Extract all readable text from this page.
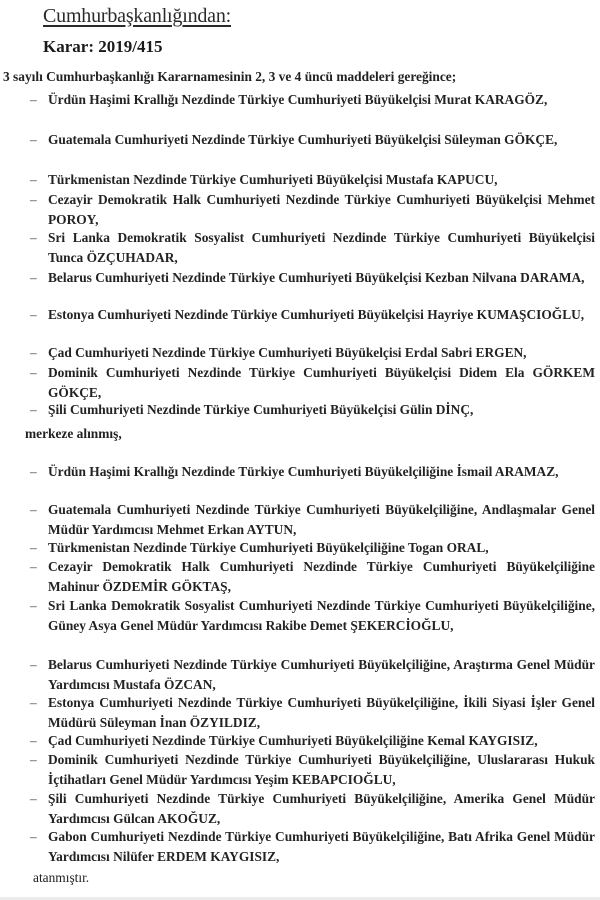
Cumhurbaşkanlığından:
Karar: 2019/415
3 sayılı Cumhurbaşkanlığı Kararnamesinin 2, 3 ve 4 üncü maddeleri gereğince;
– Ürdün Haşimi Krallığı Nezdinde Türkiye Cumhuriyeti Büyükelçisi Murat KARAGÖZ,
– Guatemala Cumhuriyeti Nezdinde Türkiye Cumhuriyeti Büyükelçisi Süleyman GÖKÇE,
– Türkmenistan Nezdinde Türkiye Cumhuriyeti Büyükelçisi Mustafa KAPUCU,
– Cezayir Demokratik Halk Cumhuriyeti Nezdinde Türkiye Cumhuriyeti Büyükelçisi Mehmet POROY,
– Sri Lanka Demokratik Sosyalist Cumhuriyeti Nezdinde Türkiye Cumhuriyeti Büyükelçisi Tunca ÖZÇUHADAR,
– Belarus Cumhuriyeti Nezdinde Türkiye Cumhuriyeti Büyükelçisi Kezban Nilvana DARAMA,
– Estonya Cumhuriyeti Nezdinde Türkiye Cumhuriyeti Büyükelçisi Hayriye KUMAŞCIOĞLU,
– Çad Cumhuriyeti Nezdinde Türkiye Cumhuriyeti Büyükelçisi Erdal Sabri ERGEN,
– Dominik Cumhuriyeti Nezdinde Türkiye Cumhuriyeti Büyükelçisi Didem Ela GÖRKEM GÖKÇE,
– Şili Cumhuriyeti Nezdinde Türkiye Cumhuriyeti Büyükelçisi Gülin DİNÇ,
merkeze alınmış,
– Ürdün Haşimi Krallığı Nezdinde Türkiye Cumhuriyeti Büyükelçiliğine İsmail ARAMAZ,
– Guatemala Cumhuriyeti Nezdinde Türkiye Cumhuriyeti Büyükelçiliğine, Andlaşmalar Genel Müdür Yardımcısı Mehmet Erkan AYTUN,
– Türkmenistan Nezdinde Türkiye Cumhuriyeti Büyükelçiliğine Togan ORAL,
– Cezayir Demokratik Halk Cumhuriyeti Nezdinde Türkiye Cumhuriyeti Büyükelçiliğine Mahinur ÖZDEMİR GÖKTAŞ,
– Sri Lanka Demokratik Sosyalist Cumhuriyeti Nezdinde Türkiye Cumhuriyeti Büyükelçiliğine, Güney Asya Genel Müdür Yardımcısı Rakibe Demet ŞEKERCİOĞLU,
– Belarus Cumhuriyeti Nezdinde Türkiye Cumhuriyeti Büyükelçiliğine, Araştırma Genel Müdür Yardımcısı Mustafa ÖZCAN,
– Estonya Cumhuriyeti Nezdinde Türkiye Cumhuriyeti Büyükelçiliğine, İkili Siyasi İşler Genel Müdürü Süleyman İnan ÖZYILDIZ,
– Çad Cumhuriyeti Nezdinde Türkiye Cumhuriyeti Büyükelçiliğine Kemal KAYGISIZ,
– Dominik Cumhuriyeti Nezdinde Türkiye Cumhuriyeti Büyükelçiliğine, Uluslararası Hukuk İçtihatları Genel Müdür Yardımcısı Yeşim KEBAPCIOĞLU,
– Şili Cumhuriyeti Nezdinde Türkiye Cumhuriyeti Büyükelçiliğine, Amerika Genel Müdür Yardımcısı Gülcan AKOĞUZ,
– Gabon Cumhuriyeti Nezdinde Türkiye Cumhuriyeti Büyükelçiliğine, Batı Afrika Genel Müdür Yardımcısı Nilüfer ERDEM KAYGISIZ,
atanmıştır.
